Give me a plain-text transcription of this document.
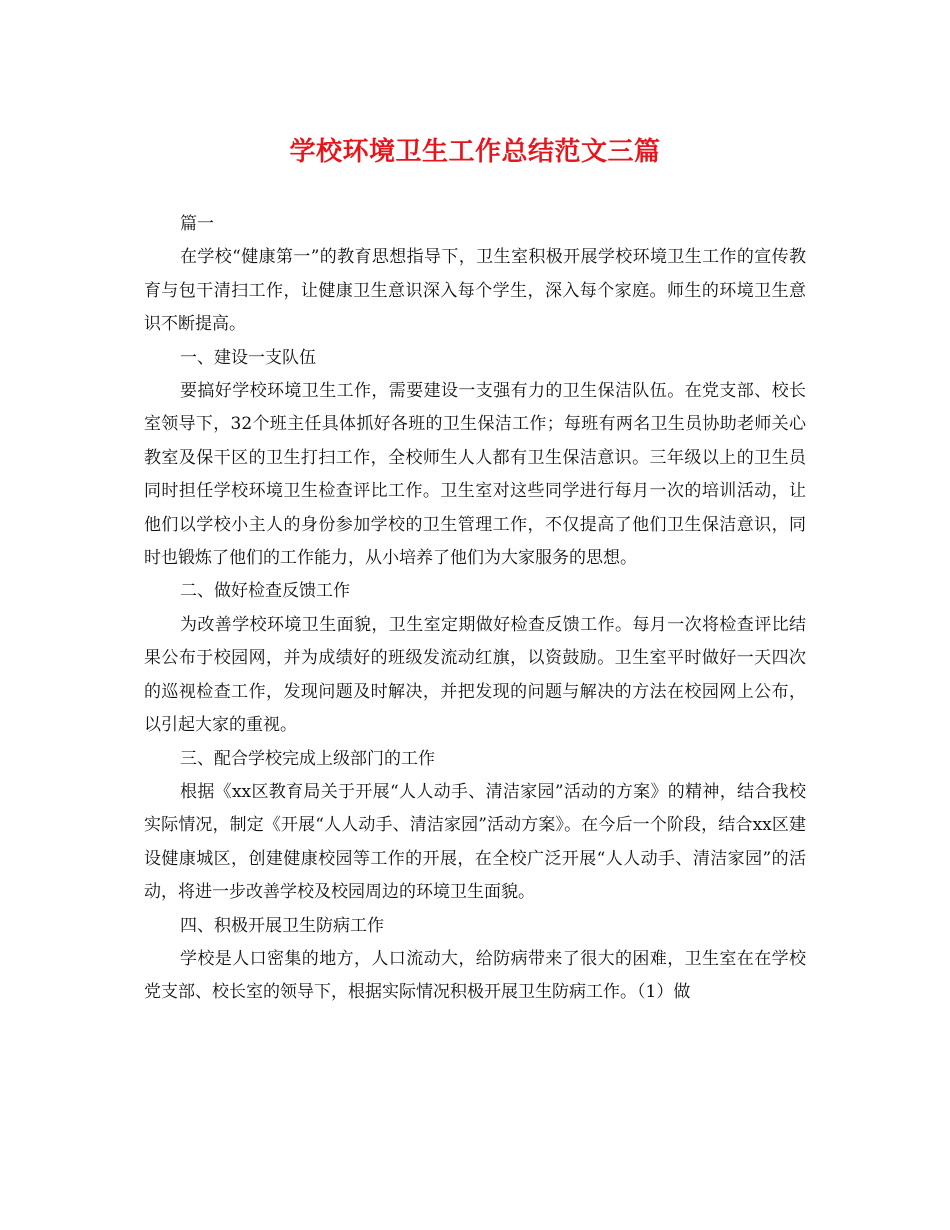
学校环境卫生工作总结范文三篇

篇一

在学校“健康第一”的教育思想指导下，卫生室积极开展学校环境卫生工作的宣传教育与包干清扫工作，让健康卫生意识深入每个学生，深入每个家庭。师生的环境卫生意识不断提高。

一、建设一支队伍

要搞好学校环境卫生工作，需要建设一支强有力的卫生保洁队伍。在党支部、校长室领导下，32个班主任具体抓好各班的卫生保洁工作；每班有两名卫生员协助老师关心教室及保干区的卫生打扫工作，全校师生人人都有卫生保洁意识。三年级以上的卫生员同时担任学校环境卫生检查评比工作。卫生室对这些同学进行每月一次的培训活动，让他们以学校小主人的身份参加学校的卫生管理工作，不仅提高了他们卫生保洁意识，同时也锻炼了他们的工作能力，从小培养了他们为大家服务的思想。

二、做好检查反馈工作

为改善学校环境卫生面貌，卫生室定期做好检查反馈工作。每月一次将检查评比结果公布于校园网，并为成绩好的班级发流动红旗，以资鼓励。卫生室平时做好一天四次的巡视检查工作，发现问题及时解决，并把发现的问题与解决的方法在校园网上公布，以引起大家的重视。

三、配合学校完成上级部门的工作

根据《xx区教育局关于开展“人人动手、清洁家园”活动的方案》的精神，结合我校实际情况，制定《开展“人人动手、清洁家园”活动方案》。在今后一个阶段，结合xx区建设健康城区，创建健康校园等工作的开展，在全校广泛开展“人人动手、清洁家园”的活动，将进一步改善学校及校园周边的环境卫生面貌。

四、积极开展卫生防病工作

学校是人口密集的地方，人口流动大，给防病带来了很大的困难，卫生室在在学校党支部、校长室的领导下，根据实际情况积极开展卫生防病工作。（1）做
